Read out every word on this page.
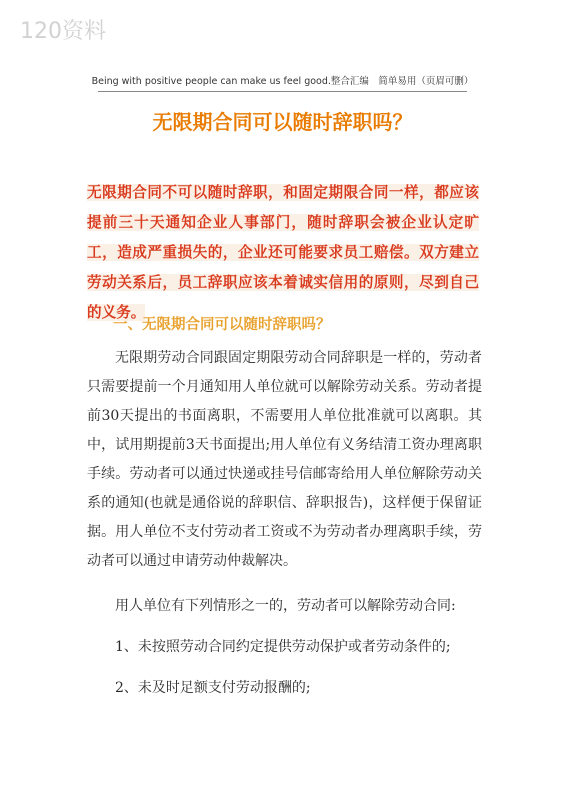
120资料
Being with positive people can make us feel good.整合汇编　简单易用（页眉可删）
无限期合同可以随时辞职吗？
无限期合同不可以随时辞职，和固定期限合同一样，都应该提前三十天通知企业人事部门，随时辞职会被企业认定旷工，造成严重损失的，企业还可能要求员工赔偿。双方建立劳动关系后，员工辞职应该本着诚实信用的原则，尽到自己的义务。
一、无限期合同可以随时辞职吗？
无限期劳动合同跟固定期限劳动合同辞职是一样的，劳动者只需要提前一个月通知用人单位就可以解除劳动关系。劳动者提前30天提出的书面离职，不需要用人单位批准就可以离职。其中，试用期提前3天书面提出;用人单位有义务结清工资办理离职手续。劳动者可以通过快递或挂号信邮寄给用人单位解除劳动关系的通知(也就是通俗说的辞职信、辞职报告)，这样便于保留证据。用人单位不支付劳动者工资或不为劳动者办理离职手续，劳动者可以通过申请劳动仲裁解决。
用人单位有下列情形之一的，劳动者可以解除劳动合同:
1、未按照劳动合同约定提供劳动保护或者劳动条件的;
2、未及时足额支付劳动报酬的;
